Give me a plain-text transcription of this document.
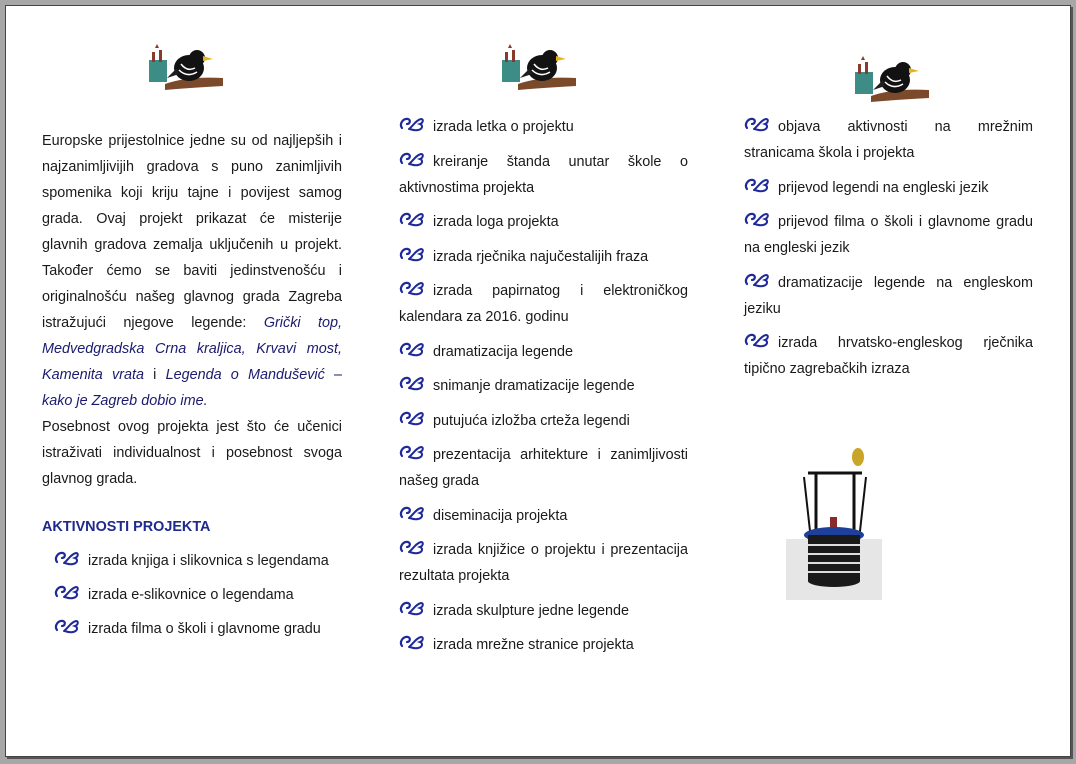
Europske prijestolnice jedne su od najljepših i najzanimljivijih gradova s puno zanimljivih spomenika koji kriju tajne i povijest samog grada. Ovaj projekt prikazat će misterije glavnih gradova zemalja uključenih u projekt. Također ćemo se baviti jedinstvenošću i originalnošću našeg glavnog grada Zagreba istražujući njegove legende: Grički top, Medvedgradska Crna kraljica, Krvavi most, Kamenita vrata i Legenda o Mandušević – kako je Zagreb dobio ime.
Posebnost ovog projekta jest što će učenici istraživati individualnost i posebnost svoga glavnog grada.
AKTIVNOSTI PROJEKTA
izrada knjiga i slikovnica s legendama
izrada e-slikovnice o legendama
izrada filma o školi i glavnome gradu
izrada letka o projektu
kreiranje štanda unutar škole o aktivnostima projekta
izrada loga projekta
izrada rječnika najučestalijih fraza
izrada papirnatog i elektroničkog kalendara za 2016. godinu
dramatizacija legende
snimanje dramatizacije legende
putujuća izložba crteža legendi
prezentacija arhitekture i zanimljivosti našeg grada
diseminacija projekta
izrada knjižice o projektu i prezentacija rezultata projekta
izrada skulpture jedne legende
izrada mrežne stranice projekta
objava aktivnosti na mrežnim stranicama škola i projekta
prijevod legendi na engleski jezik
prijevod filma o školi i glavnome gradu na engleski jezik
dramatizacije legende na engleskom jeziku
izrada hrvatsko-engleskog rječnika tipično zagrebačkih izraza
